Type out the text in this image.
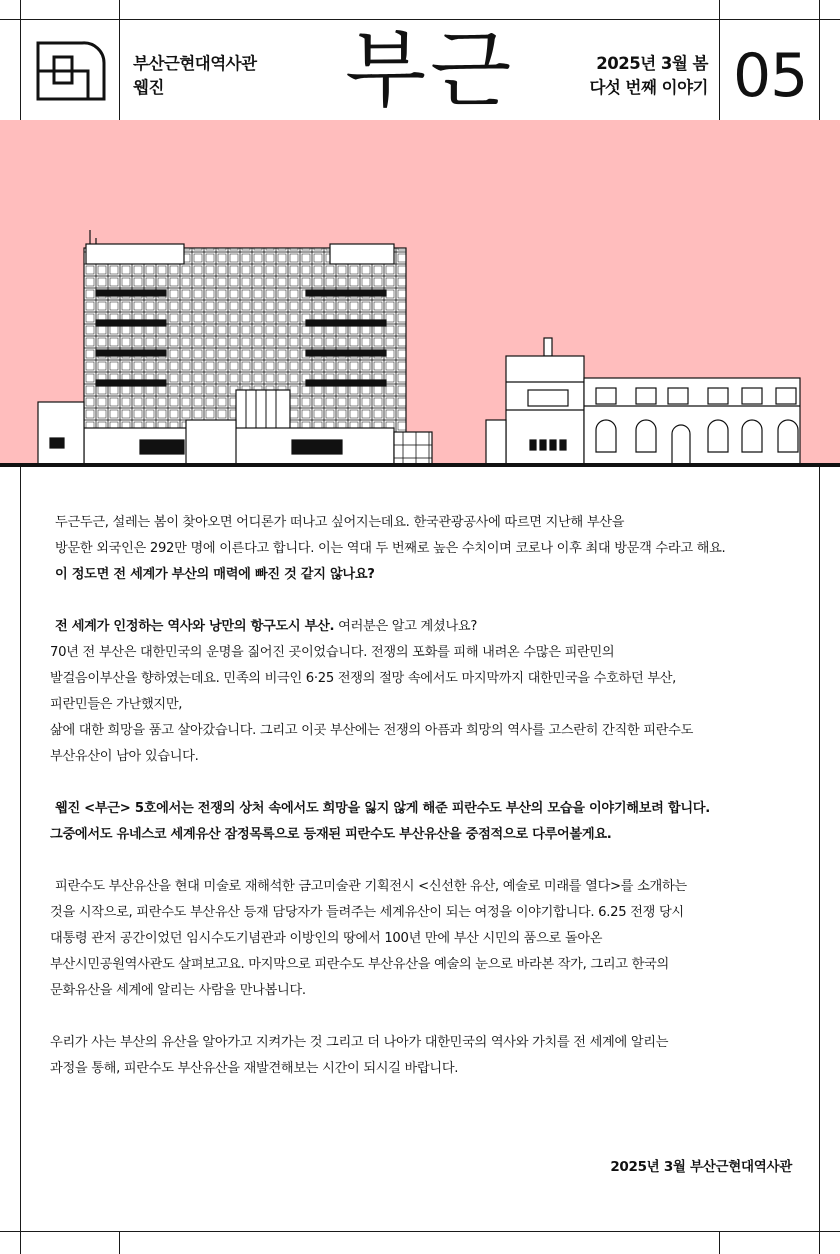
부산근현대역사관
웹진	부근	2025년 3월 봄
다섯 번째 이야기 05

두근두근, 설레는 봄이 찾아오면 어디론가 떠나고 싶어지는데요. 한국관광공사에 따르면 지난해 부산을

방문한 외국인은 292만 명에 이른다고 합니다. 이는 역대 두 번째로 높은 수치이며 코로나 이후 최대 방문객 수라고 해요.

이 정도면 전 세계가 부산의 매력에 빠진 것 같지 않나요?

전 세계가 인정하는 역사와 낭만의 항구도시 부산. 여러분은 알고 계셨나요?

70년 전 부산은 대한민국의 운명을 짊어진 곳이었습니다. 전쟁의 포화를 피해 내려온 수많은 피란민의

발걸음이부산을 향하였는데요. 민족의 비극인 6·25 전쟁의 절망 속에서도 마지막까지 대한민국을 수호하던 부산,

피란민들은 가난했지만,

삶에 대한 희망을 품고 살아갔습니다. 그리고 이곳 부산에는 전쟁의 아픔과 희망의 역사를 고스란히 간직한 피란수도

부산유산이 남아 있습니다.

웹진 <부근> 5호에서는 전쟁의 상처 속에서도 희망을 잃지 않게 해준 피란수도 부산의 모습을 이야기해보려 합니다.

그중에서도 유네스코 세계유산 잠정목록으로 등재된 피란수도 부산유산을 중점적으로 다루어볼게요.

피란수도 부산유산을 현대 미술로 재해석한 금고미술관 기획전시 <신선한 유산, 예술로 미래를 열다>를 소개하는

것을 시작으로, 피란수도 부산유산 등재 담당자가 들려주는 세계유산이 되는 여정을 이야기합니다. 6.25 전쟁 당시

대통령 관저 공간이었던 임시수도기념관과 이방인의 땅에서 100년 만에 부산 시민의 품으로 돌아온

부산시민공원역사관도 살펴보고요. 마지막으로 피란수도 부산유산을 예술의 눈으로 바라본 작가, 그리고 한국의

문화유산을 세계에 알리는 사람을 만나봅니다.

우리가 사는 부산의 유산을 알아가고 지켜가는 것 그리고 더 나아가 대한민국의 역사와 가치를 전 세계에 알리는

과정을 통해, 피란수도 부산유산을 재발견해보는 시간이 되시길 바랍니다.

2025년 3월 부산근현대역사관
